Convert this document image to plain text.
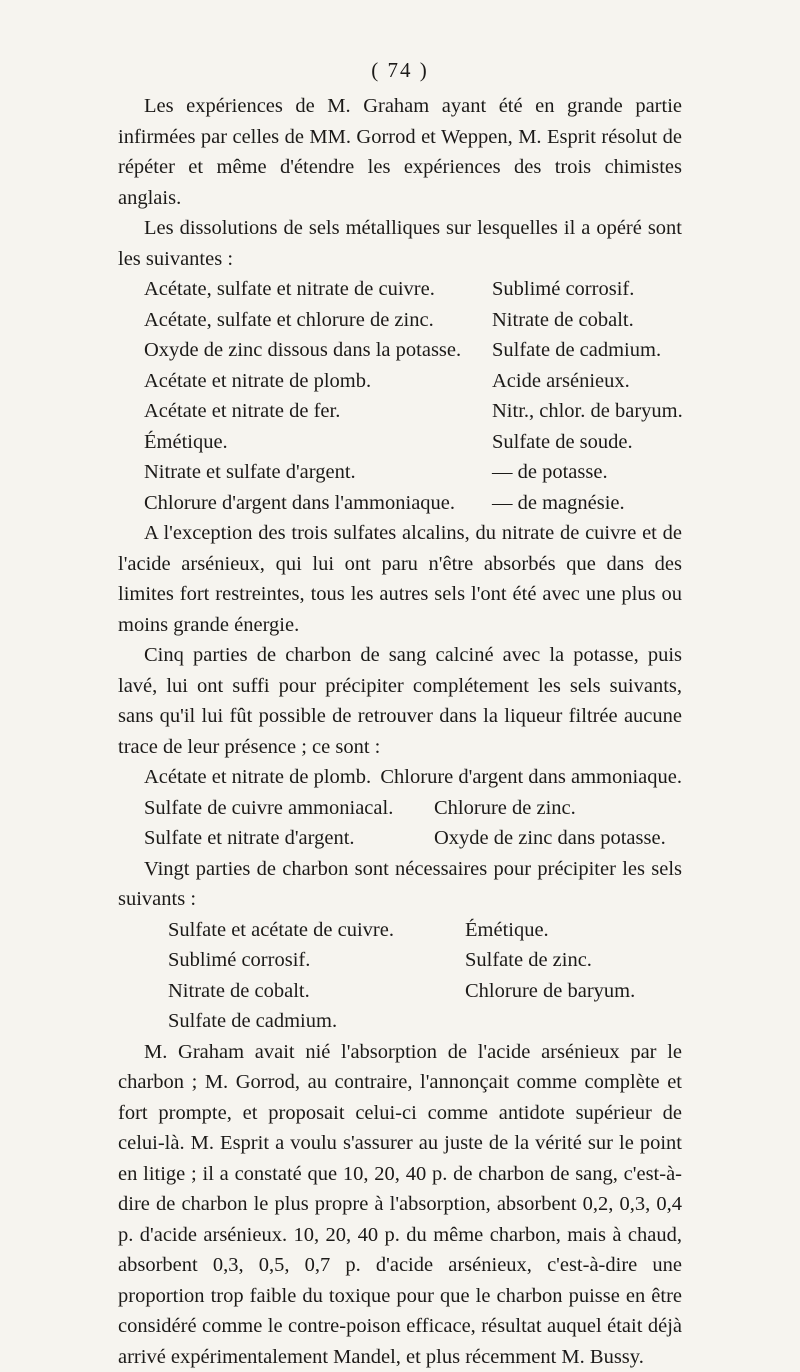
( 74 )

Les expériences de M. Graham ayant été en grande partie infirmées par celles de MM. Gorrod et Weppen, M. Esprit résolut de répéter et même d'étendre les expériences des trois chimistes anglais.

Les dissolutions de sels métalliques sur lesquelles il a opéré sont les suivantes :

Acétate, sulfate et nitrate de cuivre.	Sublimé corrosif.
Acétate, sulfate et chlorure de zinc.	Nitrate de cobalt.
Oxyde de zinc dissous dans la potasse. Sulfate de cadmium.
Acétate et nitrate de plomb.	Acide arsénieux.
Acétate et nitrate de fer.	Nitr., chlor. de baryum.
Émétique.	Sulfate de soude.
Nitrate et sulfate d'argent.	— de potasse.
Chlorure d'argent dans l'ammoniaque. — de magnésie.

A l'exception des trois sulfates alcalins, du nitrate de cuivre et de l'acide arsénieux, qui lui ont paru n'être absorbés que dans des limites fort restreintes, tous les autres sels l'ont été avec une plus ou moins grande énergie.

Cinq parties de charbon de sang calciné avec la potasse, puis lavé, lui ont suffi pour précipiter complétement les sels suivants, sans qu'il lui fût possible de retrouver dans la liqueur filtrée aucune trace de leur présence ; ce sont :

Acétate et nitrate de plomb. Chlorure d'argent dans ammoniaque.
Sulfate de cuivre ammoniacal.	Chlorure de zinc.
Sulfate et nitrate d'argent.	Oxyde de zinc dans potasse.

Vingt parties de charbon sont nécessaires pour précipiter les sels suivants :

Sulfate et acétate de cuivre.	Émétique.
Sublimé corrosif.	Sulfate de zinc.
Nitrate de cobalt.	Chlorure de baryum.
Sulfate de cadmium.

M. Graham avait nié l'absorption de l'acide arsénieux par le charbon ; M. Gorrod, au contraire, l'annonçait comme complète et fort prompte, et proposait celui-ci comme antidote supérieur de celui-là. M. Esprit a voulu s'assurer au juste de la vérité sur le point en litige ; il a constaté que 10, 20, 40 p. de charbon de sang, c'est-à-dire de charbon le plus propre à l'absorption, absorbent 0,2, 0,3, 0,4 p. d'acide arsénieux. 10, 20, 40 p. du même charbon, mais à chaud, absorbent 0,3, 0,5, 0,7 p. d'acide arsénieux, c'est-à-dire une proportion trop faible du toxique pour que le charbon puisse en être considéré comme le contre-poison efficace, résultat auquel était déjà arrivé expérimentalement Mandel, et plus récemment M. Bussy.
